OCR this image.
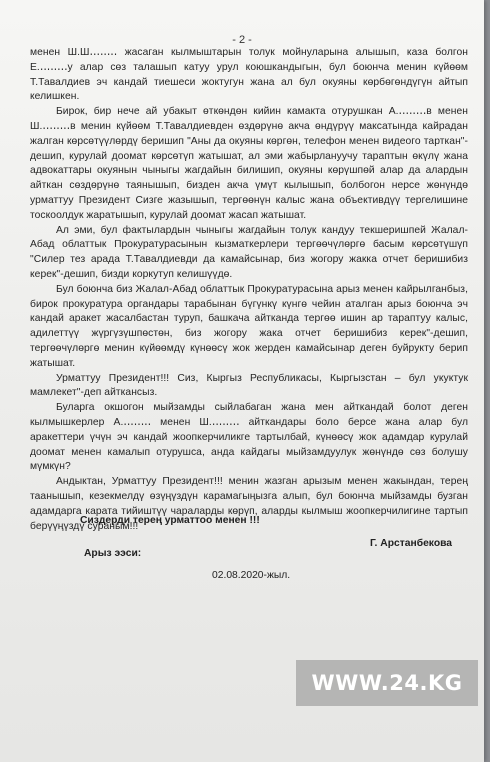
- 2 -

менен Ш.Ш‥‥‥‥ жасаган кылмыштарын толук мойнуларына алышып, каза болгон Е.‥‥‥‥у алар сөз талашып катуу урул коюшкандыгын, бул боюнча менин күйөөм Т.Тавалдиев эч кандай тиешеси жоктугун жана ал бул окуяны көрбөгөндүгүн айтып келишкен.

Бирок, бир нече ай убакыт өткөндөн кийин камакта отурушкан А.‥‥‥‥в менен Ш.‥‥‥‥в менин күйөөм Т.Тавалдиевден өздөрүнө акча өндүрүү максатында кайрадан жалган көрсөтүүлөрдү беришип "Аны да окуяны көргөн, телефон менен видеого тарткан"-дешип, курулай доомат көрсөтүп жатышат, ал эми жабырлануучу тараптын өкүлү жана адвокаттары окуянын чыныгы жагдайын билишип, окуяны көрүшпөй алар да алардын айткан сөздөрүнө таянышып, бизден акча үмүт кылышып, болбогон нерсе жөнүндө урматтуу Президент Сизге жазышып, тергөөнүн калыс жана объективдүү тергелишине тоскоолдук жаратышып, курулай доомат жасап жатышат.

Ал эми, бул фактылардын чыныгы жагдайын толук кандуу текшеришпей Жалал-Абад облаттык Прокуратурасынын кызматкерлери тергөөчүлөргө басым көрсөтүшүп "Силер тез арада Т.Тавалдиевди да камайсынар, биз жогору жакка отчет беришибиз керек"-дешип, бизди коркутуп келишүүдө.

Бул боюнча биз Жалал-Абад облаттык Прокуратурасына арыз менен кайрылганбыз, бирок прокуратура органдары тарабынан бүгүнкү күнгө чейин аталган арыз боюнча эч кандай аракет жасалбастан туруп, башкача айтканда тергөө ишин ар тараптуу калыс, адилеттүү жүргүзүшпөстөн, биз жогору жака отчет беришибиз керек"-дешип, тергөөчүлөргө менин күйөөмдү күнөөсү жок жерден камайсынар деген буйрукту берип жатышат.

Урматтуу Президент!!! Сиз, Кыргыз Республикасы, Кыргызстан – бул укуктук мамлекет"-деп айткансыз.

Буларга окшогон мыйзамды сыйлабаган жана мен айткандай болот деген кылмышкерлер А.‥‥‥‥ менен Ш.‥‥‥‥ айткандары боло берсе жана алар бул аракеттери үчүн эч кандай жоопкерчиликге тартылбай, күнөөсү жок адамдар курулай доомат менен камалып отурушса, анда кайдагы мыйзамдуулук жөнүндө сөз болушу мүмкүн?

Андыктан, Урматтуу Президент!!! менин жазган арызым менен жакындан, терең таанышып, кезекмелдү өзүңүздүн карамагыңызга алып, бул боюнча мыйзамды бузган адамдарга карата тийиштүү чараларды көрүп, аларды кылмыш жоопкерчилигине тартып берүүңүздү сураным!!!

Сиздерди терең урматтоо менен !!!
Арыз ээси:
Г. Арстанбекова
02.08.2020-жыл.
WWW.24.KG
